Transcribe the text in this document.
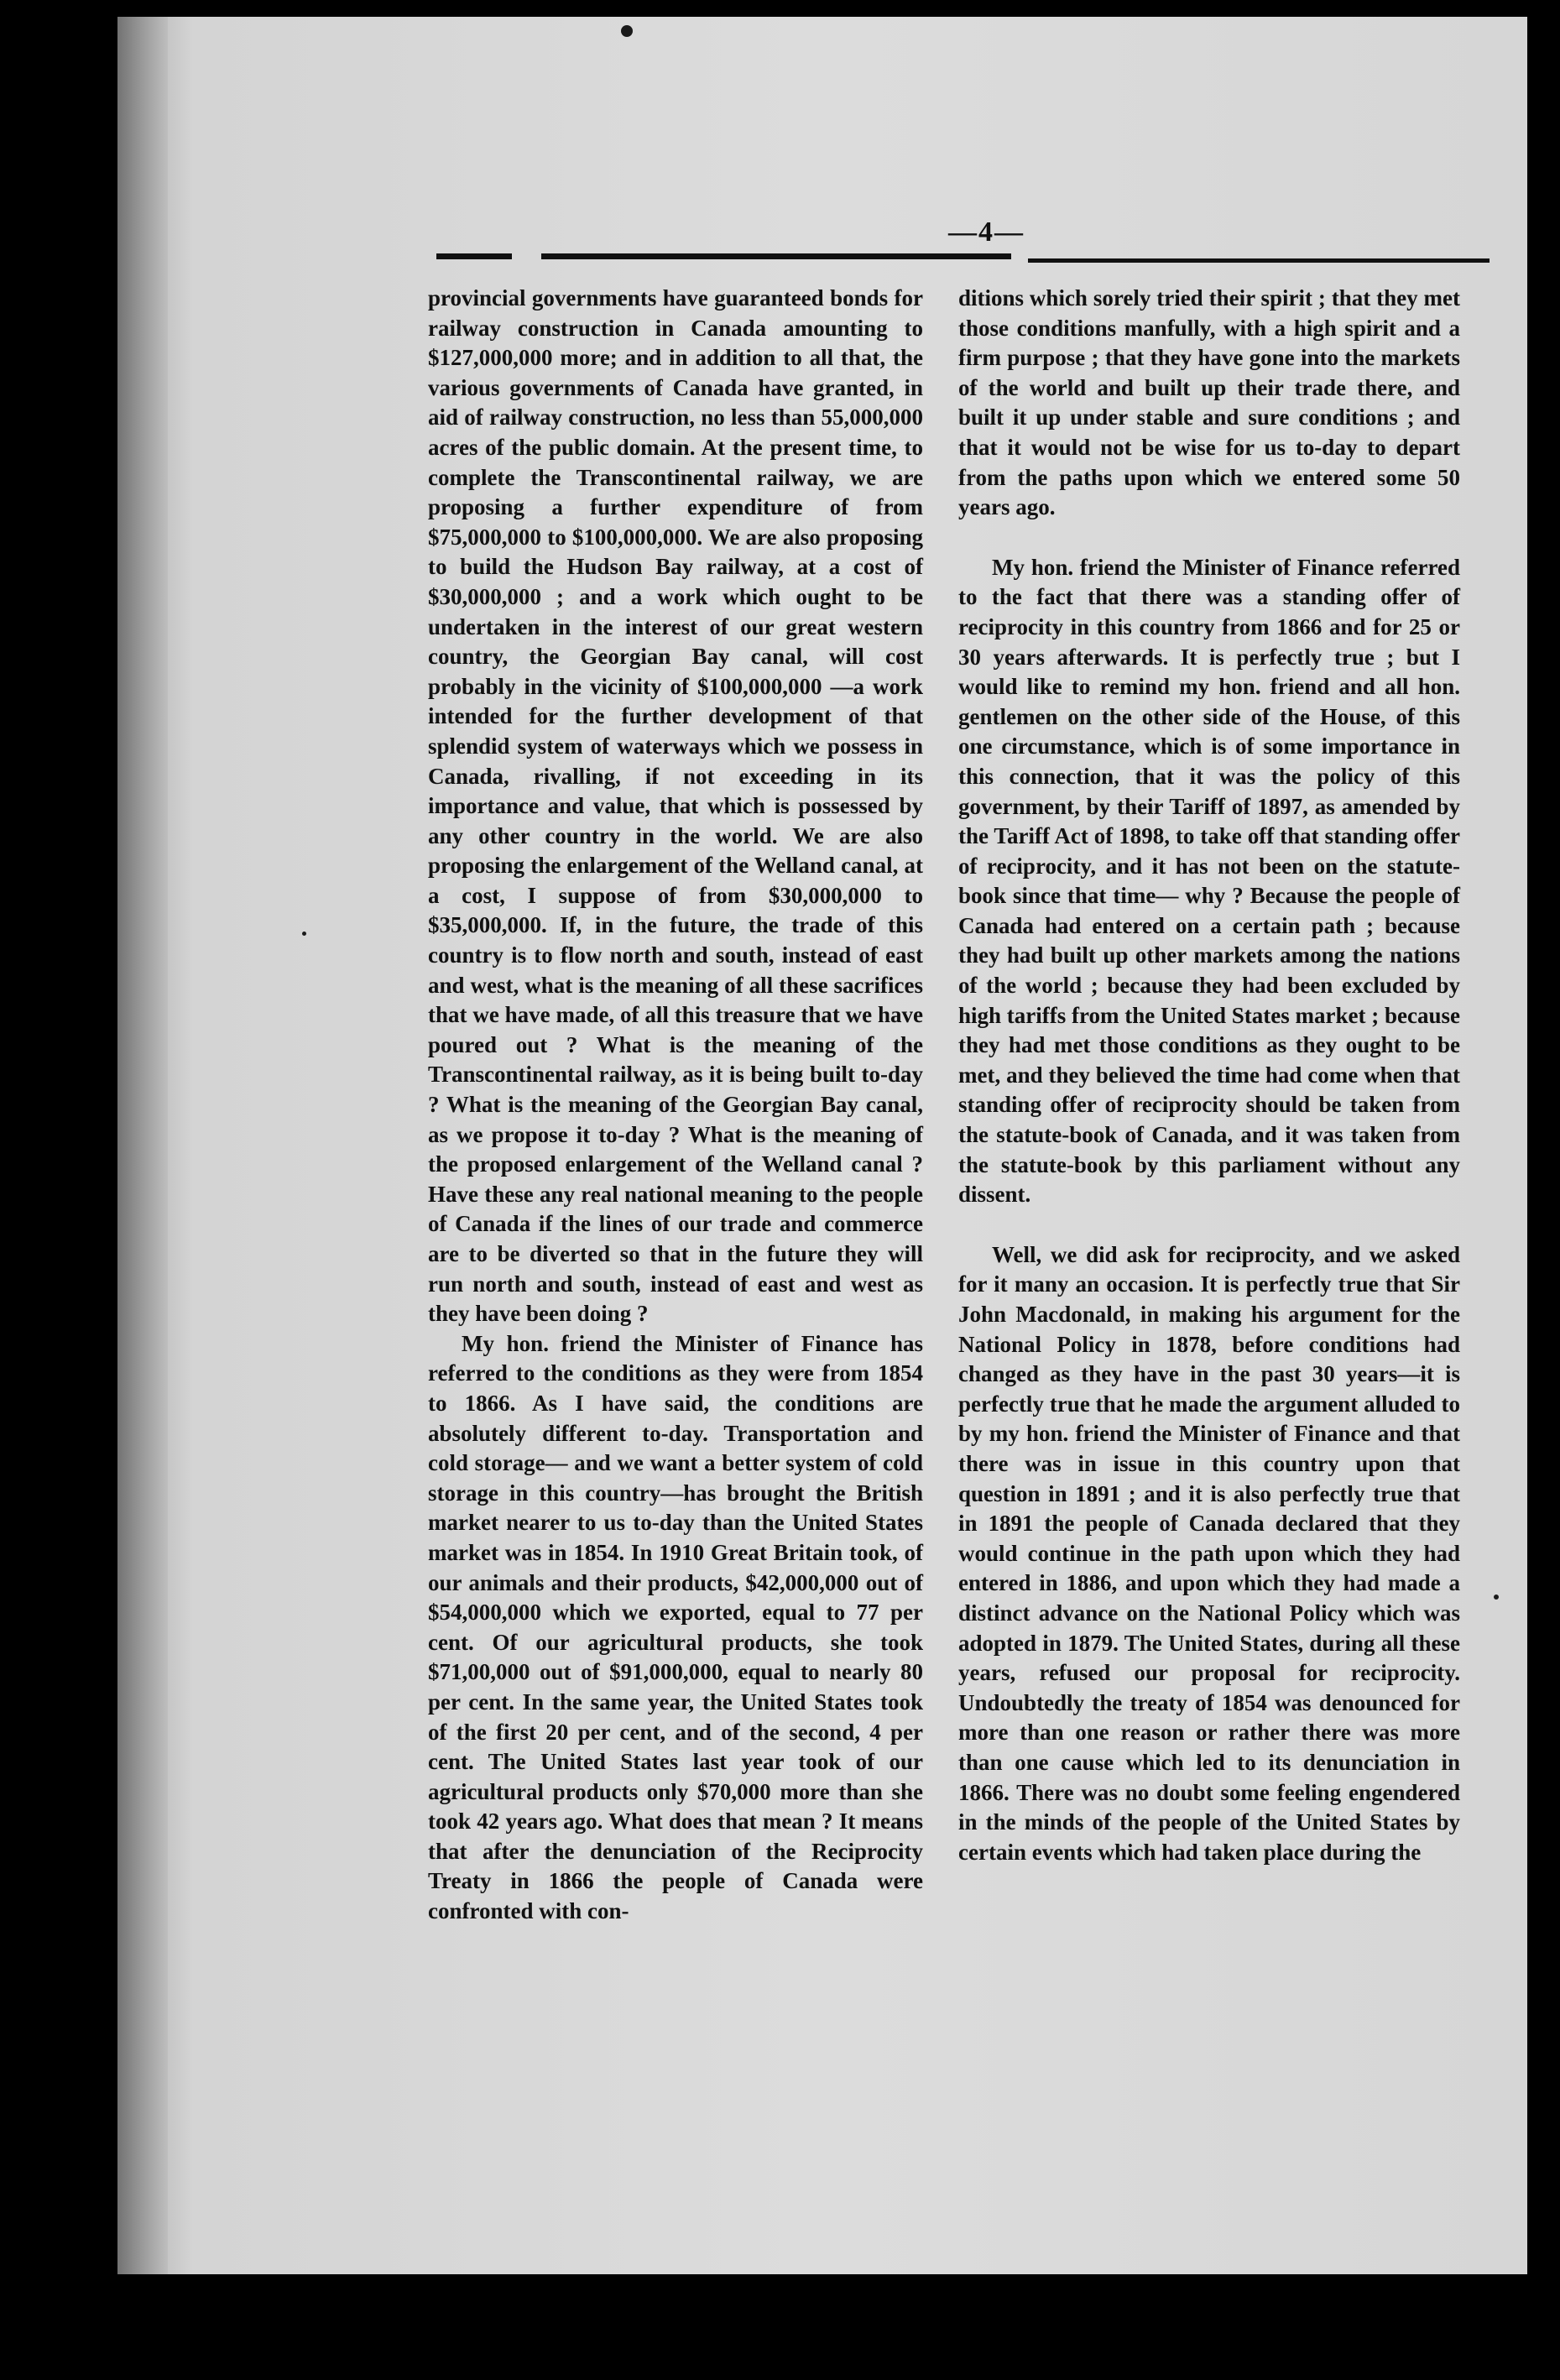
—4—

provincial governments have guaranteed bonds for railway construction in Canada amounting to $127,000,000 more; and in addition to all that, the various governments of Canada have granted, in aid of railway construction, no less than 55,000,000 acres of the public domain. At the present time, to complete the Transcontinental railway, we are proposing a further expenditure of from $75,000,000 to $100,000,000. We are also proposing to build the Hudson Bay railway, at a cost of $30,000,000 ; and a work which ought to be undertaken in the interest of our great western country, the Georgian Bay canal, will cost probably in the vicinity of $100,000,000 —a work intended for the further development of that splendid system of waterways which we possess in Canada, rivalling, if not exceeding in its importance and value, that which is possessed by any other country in the world. We are also proposing the enlargement of the Welland canal, at a cost, I suppose of from $30,000,000 to $35,000,000. If, in the future, the trade of this country is to flow north and south, instead of east and west, what is the meaning of all these sacrifices that we have made, of all this treasure that we have poured out ? What is the meaning of the Transcontinental railway, as it is being built to-day ? What is the meaning of the Georgian Bay canal, as we propose it to-day ? What is the meaning of the proposed enlargement of the Welland canal ? Have these any real national meaning to the people of Canada if the lines of our trade and commerce are to be diverted so that in the future they will run north and south, instead of east and west as they have been doing ?

My hon. friend the Minister of Finance has referred to the conditions as they were from 1854 to 1866. As I have said, the conditions are absolutely different to-day. Transportation and cold storage— and we want a better system of cold storage in this country—has brought the British market nearer to us to-day than the United States market was in 1854. In 1910 Great Britain took, of our animals and their products, $42,000,000 out of $54,000,000 which we exported, equal to 77 per cent. Of our agricultural products, she took $71,00,000 out of $91,000,000, equal to nearly 80 per cent. In the same year, the United States took of the first 20 per cent, and of the second, 4 per cent. The United States last year took of our agricultural products only $70,000 more than she took 42 years ago. What does that mean ? It means that after the denunciation of the Reciprocity Treaty in 1866 the people of Canada were confronted with con-

ditions which sorely tried their spirit ; that they met those conditions manfully, with a high spirit and a firm purpose ; that they have gone into the markets of the world and built up their trade there, and built it up under stable and sure conditions ; and that it would not be wise for us to-day to depart from the paths upon which we entered some 50 years ago.

My hon. friend the Minister of Finance referred to the fact that there was a standing offer of reciprocity in this country from 1866 and for 25 or 30 years afterwards. It is perfectly true ; but I would like to remind my hon. friend and all hon. gentlemen on the other side of the House, of this one circumstance, which is of some importance in this connection, that it was the policy of this government, by their Tariff of 1897, as amended by the Tariff Act of 1898, to take off that standing offer of reciprocity, and it has not been on the statute-book since that time— why ? Because the people of Canada had entered on a certain path ; because they had built up other markets among the nations of the world ; because they had been excluded by high tariffs from the United States market ; because they had met those conditions as they ought to be met, and they believed the time had come when that standing offer of reciprocity should be taken from the statute-book of Canada, and it was taken from the statute-book by this parliament without any dissent.

Well, we did ask for reciprocity, and we asked for it many an occasion. It is perfectly true that Sir John Macdonald, in making his argument for the National Policy in 1878, before conditions had changed as they have in the past 30 years—it is perfectly true that he made the argument alluded to by my hon. friend the Minister of Finance and that there was in issue in this country upon that question in 1891 ; and it is also perfectly true that in 1891 the people of Canada declared that they would continue in the path upon which they had entered in 1886, and upon which they had made a distinct advance on the National Policy which was adopted in 1879. The United States, during all these years, refused our proposal for reciprocity. Undoubtedly the treaty of 1854 was denounced for more than one reason or rather there was more than one cause which led to its denunciation in 1866. There was no doubt some feeling engendered in the minds of the people of the United States by certain events which had taken place during the
